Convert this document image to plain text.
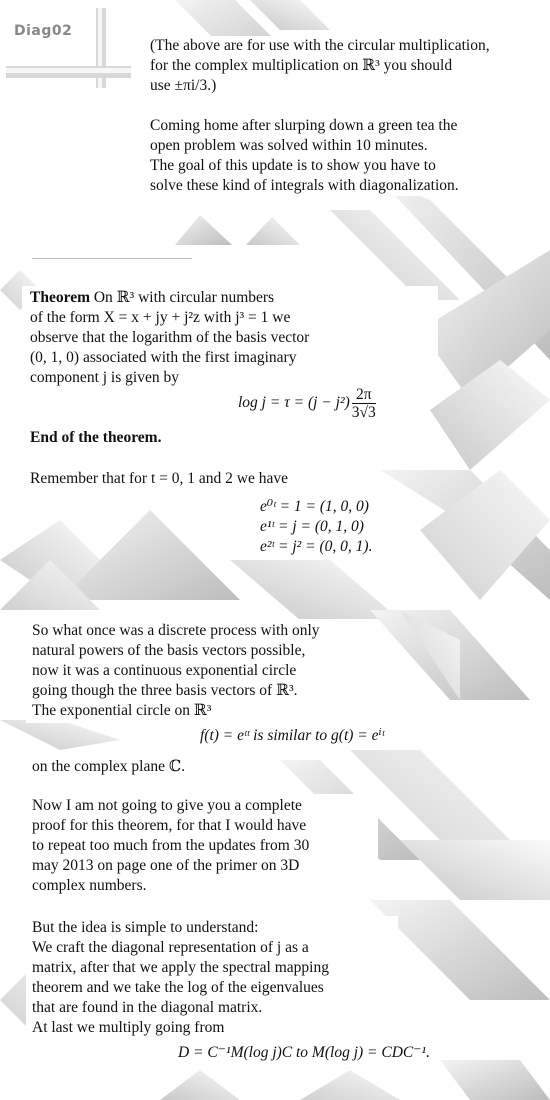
Diag02
(The above are for use with the circular multiplication,
for the complex multiplication on ℝ³ you should
use ±πi/3.)
Coming home after slurping down a green tea the
open problem was solved within 10 minutes.
The goal of this update is to show you have to
solve these kind of integrals with diagonalization.
Theorem On ℝ³ with circular numbers
of the form X = x + jy + j²z with j³ = 1 we
observe that the logarithm of the basis vector
(0, 1, 0) associated with the first imaginary
component j is given by
$\log j = \tau = (j - j^2) \frac{2\pi}{3√3}$
End of the theorem.
Remember that for t = 0, 1 and 2 we have
e⁰ᵗ = 1 = (1, 0, 0)
e¹ᵗ = j = (0, 1, 0)
e²ᵗ = j² = (0, 0, 1).
So what once was a discrete process with only
natural powers of the basis vectors possible,
now it was a continuous exponential circle
going though the three basis vectors of ℝ³.
The exponential circle on ℝ³
f(t) = eᵗᵗ is similar to g(t) = eⁱᵗ
on the complex plane ℂ.
Now I am not going to give you a complete
proof for this theorem, for that I would have
to repeat too much from the updates from 30
may 2013 on page one of the primer on 3D
complex numbers.
But the idea is simple to understand:
We craft the diagonal representation of j as a
matrix, after that we apply the spectral mapping
theorem and we take the log of the eigenvalues
that are found in the diagonal matrix.
At last we multiply going from
D = C⁻¹M(log j)C to M(log j) = CDC⁻¹.
